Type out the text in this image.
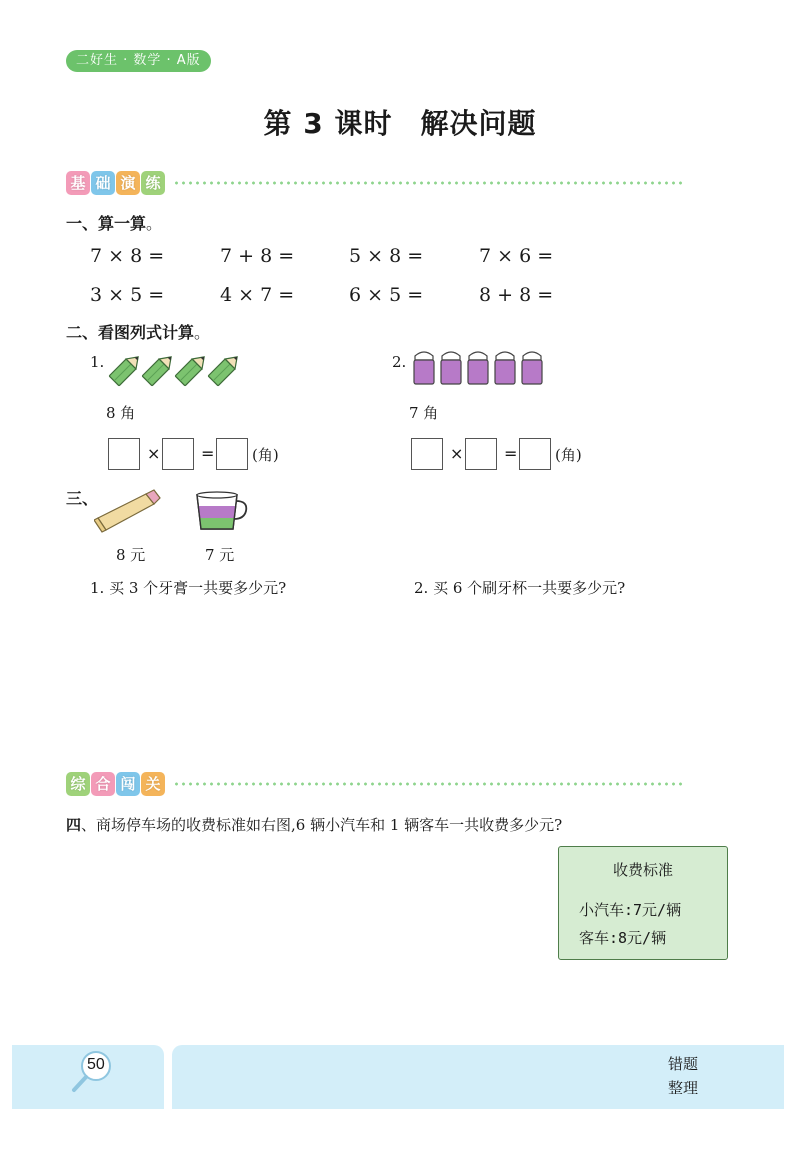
二好生 · 数学 · A版
第 3 课时 解决问题
基 础 演 练
一、算一算。
7 × 8 =	7 + 8 =	5 × 8 =	7 × 6 =
3 × 5 =	4 × 7 =	6 × 5 =	8 + 8 =
二、看图列式计算。
1.
8 角
×	=	(角)
2.
7 角
×	=	(角)
三、
8 元	7 元
1. 买 3 个牙膏一共要多少元?	2. 买 6 个刷牙杯一共要多少元?
综 合 闯 关
四、商场停车场的收费标准如右图,6 辆小汽车和 1 辆客车一共收费多少元?
收费标准
小汽车:7元/辆
客车:8元/辆
50	错题
整理
